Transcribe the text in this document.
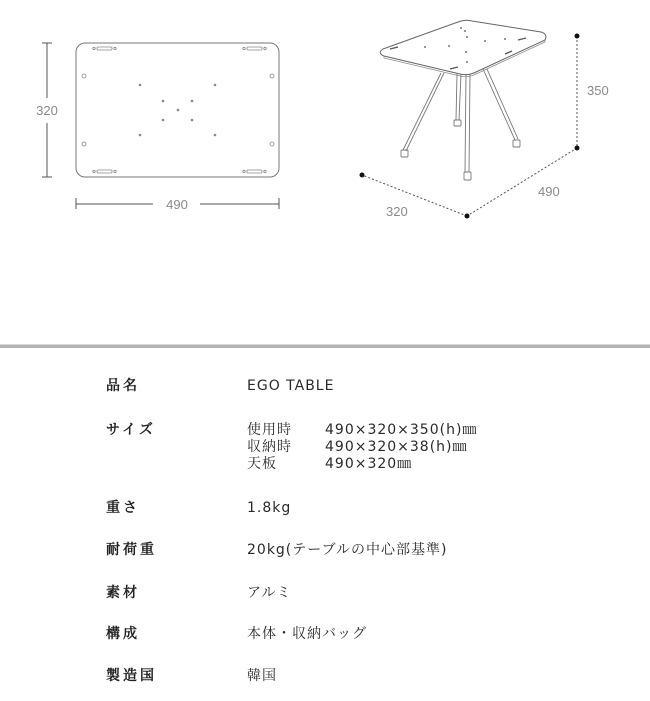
320
490
350
490
320
品名	EGO TABLE
サイズ	使用時 490×320×350(h)㎜
収納時 490×320×38(h)㎜
天板	490×320㎜
重さ	1.8kg
耐荷重	20kg(テーブルの中心部基準)
素材	アルミ
構成	本体・収納バッグ
製造国	韓国
